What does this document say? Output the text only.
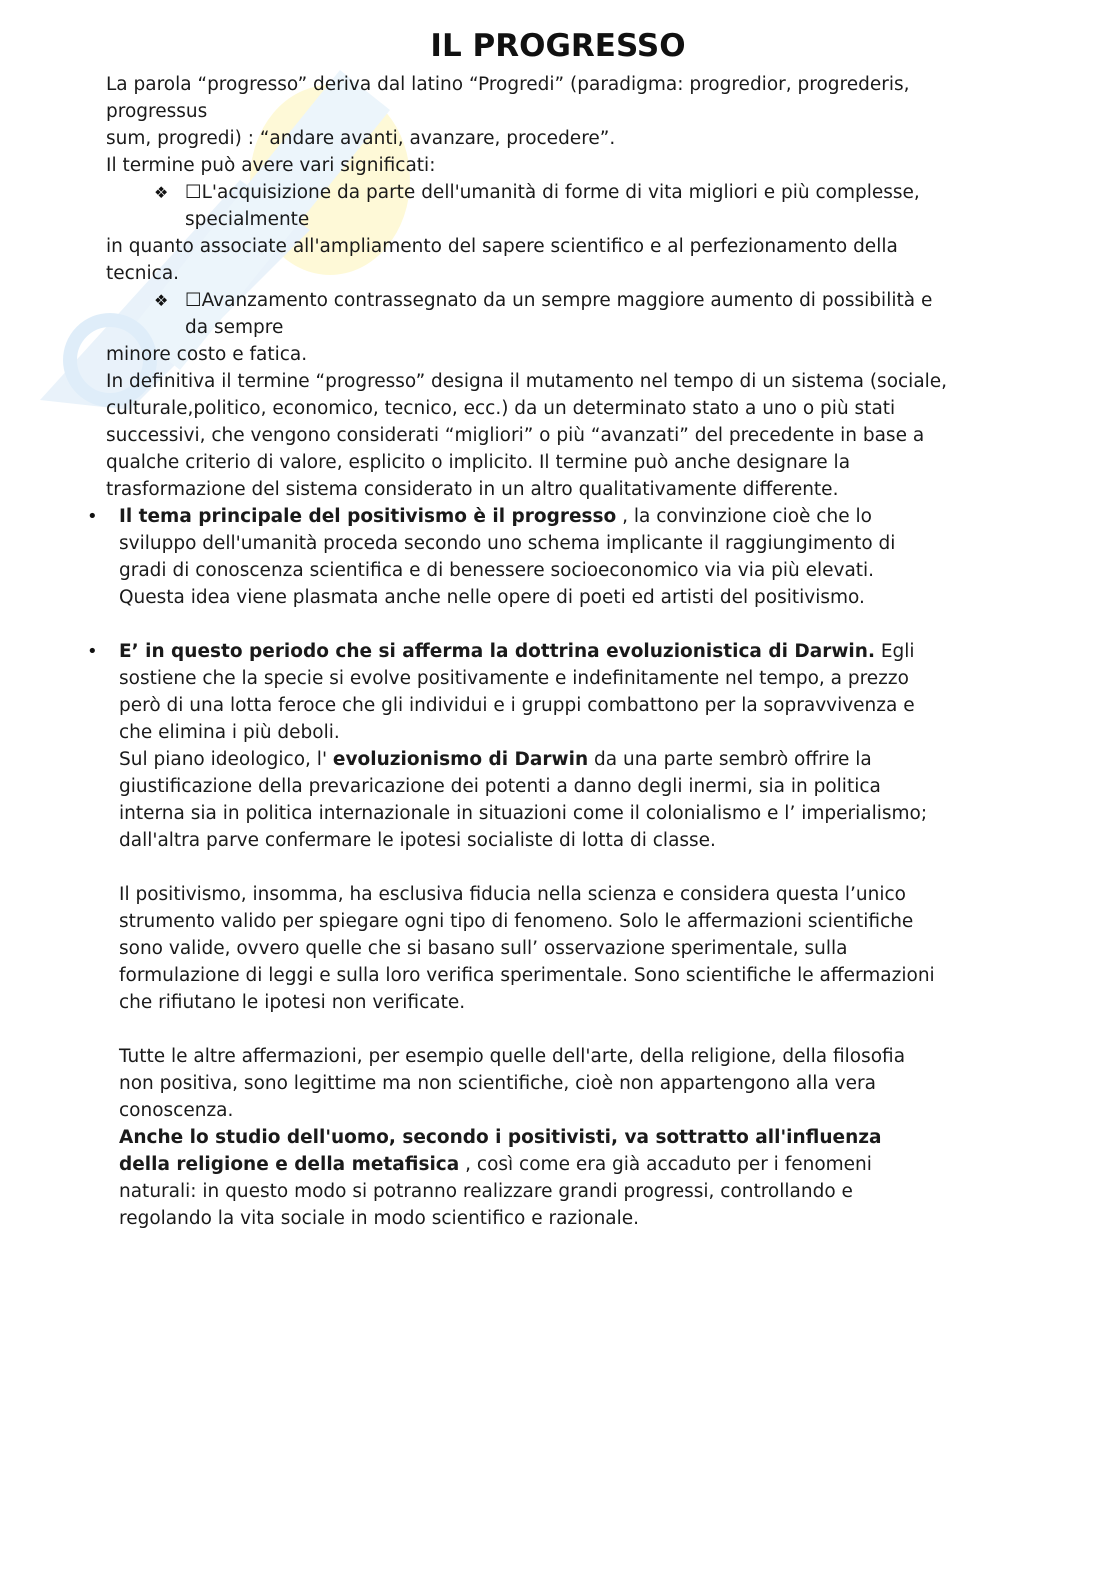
IL PROGRESSO
La parola “progresso” deriva dal latino “Progredi” (paradigma: progredior, progrederis,
progressus
sum, progredi) : “andare avanti, avanzare, procedere”.
Il termine può avere vari significati:
❖ ☐L'acquisizione da parte dell'umanità di forme di vita migliori e più complesse,
specialmente
in quanto associate all'ampliamento del sapere scientifico e al perfezionamento della
tecnica.
❖ ☐Avanzamento contrassegnato da un sempre maggiore aumento di possibilità e
da sempre
minore costo e fatica.
In definitiva il termine “progresso” designa il mutamento nel tempo di un sistema (sociale,
culturale,politico, economico, tecnico, ecc.) da un determinato stato a uno o più stati
successivi, che vengono considerati “migliori” o più “avanzati” del precedente in base a
qualche criterio di valore, esplicito o implicito. Il termine può anche designare la
trasformazione del sistema considerato in un altro qualitativamente differente.
• Il tema principale del positivismo è il progresso , la convinzione cioè che lo
sviluppo dell'umanità proceda secondo uno schema implicante il raggiungimento di
gradi di conoscenza scientifica e di benessere socioeconomico via via più elevati.
Questa idea viene plasmata anche nelle opere di poeti ed artisti del positivismo.
• E’ in questo periodo che si afferma la dottrina evoluzionistica di Darwin. Egli
sostiene che la specie si evolve positivamente e indefinitamente nel tempo, a prezzo
però di una lotta feroce che gli individui e i gruppi combattono per la sopravvivenza e
che elimina i più deboli.
Sul piano ideologico, l' evoluzionismo di Darwin da una parte sembrò offrire la
giustificazione della prevaricazione dei potenti a danno degli inermi, sia in politica
interna sia in politica internazionale in situazioni come il colonialismo e l’ imperialismo;
dall'altra parve confermare le ipotesi socialiste di lotta di classe.
Il positivismo, insomma, ha esclusiva fiducia nella scienza e considera questa l’unico
strumento valido per spiegare ogni tipo di fenomeno. Solo le affermazioni scientifiche
sono valide, ovvero quelle che si basano sull’ osservazione sperimentale, sulla
formulazione di leggi e sulla loro verifica sperimentale. Sono scientifiche le affermazioni
che rifiutano le ipotesi non verificate.
Tutte le altre affermazioni, per esempio quelle dell'arte, della religione, della filosofia
non positiva, sono legittime ma non scientifiche, cioè non appartengono alla vera
conoscenza.
Anche lo studio dell'uomo, secondo i positivisti, va sottratto all'influenza
della religione e della metafisica , così come era già accaduto per i fenomeni
naturali: in questo modo si potranno realizzare grandi progressi, controllando e
regolando la vita sociale in modo scientifico e razionale.
